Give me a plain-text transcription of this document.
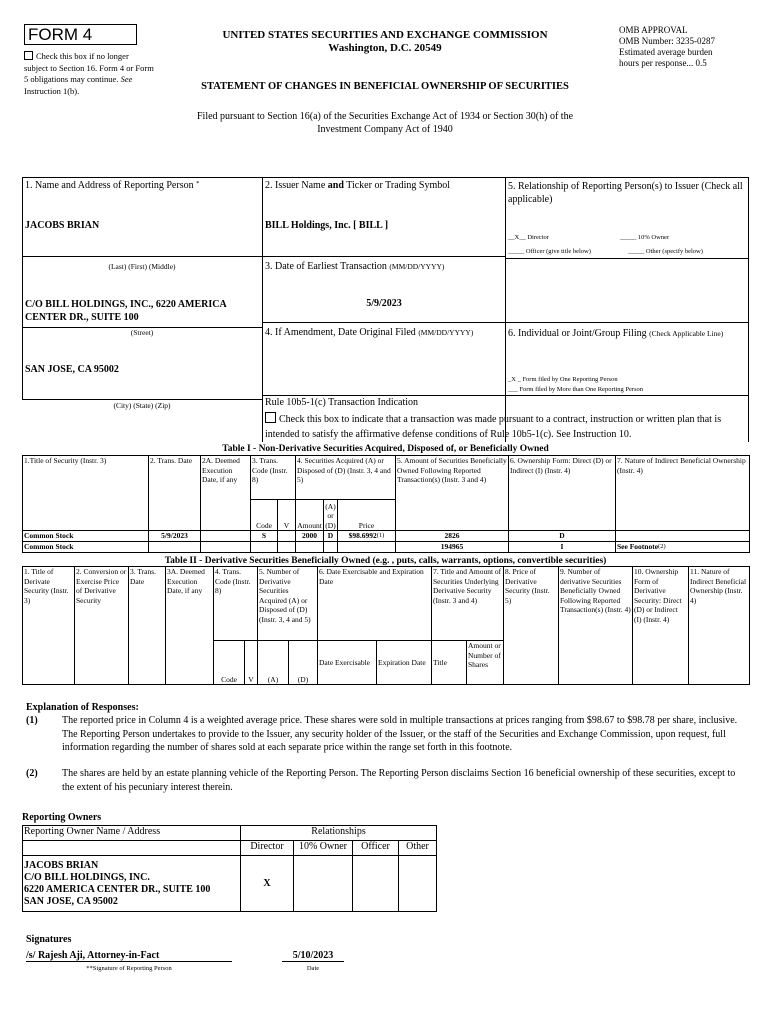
FORM 4
Check this box if no longer subject to Section 16. Form 4 or Form 5 obligations may continue. See Instruction 1(b).
UNITED STATES SECURITIES AND EXCHANGE COMMISSION
Washington, D.C. 20549
STATEMENT OF CHANGES IN BENEFICIAL OWNERSHIP OF SECURITIES
OMB APPROVAL
OMB Number: 3235-0287
Estimated average burden
hours per response... 0.5
Filed pursuant to Section 16(a) of the Securities Exchange Act of 1934 or Section 30(h) of the
Investment Company Act of 1940
1. Name and Address of Reporting Person *
JACOBS BRIAN
(Last) (First) (Middle)
C/O BILL HOLDINGS, INC., 6220 AMERICA CENTER DR., SUITE 100
(Street)
SAN JOSE, CA 95002
(City) (State) (Zip)
2. Issuer Name and Ticker or Trading Symbol
BILL Holdings, Inc. [ BILL ]
3. Date of Earliest Transaction (MM/DD/YYYY)
5/9/2023
4. If Amendment, Date Original Filed (MM/DD/YYYY)
5. Relationship of Reporting Person(s) to Issuer (Check all applicable)
__X__ Director	_____ 10% Owner
_____ Officer (give title below)	_____ Other (specify below)
6. Individual or Joint/Group Filing (Check Applicable Line)
_X _ Form filed by One Reporting Person
___ Form filed by More than One Reporting Person
Rule 10b5-1(c) Transaction Indication
Check this box to indicate that a transaction was made pursuant to a contract, instruction or written plan that is intended to satisfy the affirmative defense conditions of Rule 10b5-1(c). See Instruction 10.
Table I - Non-Derivative Securities Acquired, Disposed of, or Beneficially Owned
1.Title of Security (Instr. 3)	2. Trans. Date	2A. Deemed Execution Date, if any	3. Trans. Code (Instr. 8)		4. Securities Acquired (A) or Disposed of (D) (Instr. 3, 4 and 5)			5. Amount of Securities Beneficially Owned Following Reported Transaction(s) (Instr. 3 and 4)	6. Ownership Form: Direct (D) or Indirect (I) (Instr. 4)	7. Nature of Indirect Beneficial Ownership (Instr. 4)
			Code	V	Amount	(A) or (D)	Price			
Common Stock	5/9/2023		S		2000	D	$98.6992(1)	2826	D	
Common Stock								194965	I	See Footnote(2)
Table II - Derivative Securities Beneficially Owned (e.g. , puts, calls, warrants, options, convertible securities)
1. Title of Derivate Security (Instr. 3)	2. Conversion or Exercise Price of Derivative Security	3. Trans. Date	3A. Deemed Execution Date, if any	4. Trans. Code (Instr. 8)		5. Number of Derivative Securities Acquired (A) or Disposed of (D) (Instr. 3, 4 and 5)		6. Date Exercisable and Expiration Date		7. Title and Amount of Securities Underlying Derivative Security (Instr. 3 and 4)		8. Price of Derivative Security (Instr. 5)	9. Number of derivative Securities Beneficially Owned Following Reported Transaction(s) (Instr. 4)	10. Ownership Form of Derivative Security: Direct (D) or Indirect (I) (Instr. 4)	11. Nature of Indirect Beneficial Ownership (Instr. 4)
				Code	V	(A)	(D)	Date Exercisable	Expiration Date	Title	Amount or Number of Shares				
Explanation of Responses:
(1) The reported price in Column 4 is a weighted average price. These shares were sold in multiple transactions at prices ranging from $98.67 to $98.78 per share, inclusive. The Reporting Person undertakes to provide to the Issuer, any security holder of the Issuer, or the staff of the Securities and Exchange Commission, upon request, full information regarding the number of shares sold at each separate price within the range set forth in this footnote.
(2) The shares are held by an estate planning vehicle of the Reporting Person. The Reporting Person disclaims Section 16 beneficial ownership of these securities, except to the extent of his pecuniary interest therein.
Reporting Owners
Reporting Owner Name / Address	Relationships			
	Director	10% Owner	Officer	Other

JACOBS BRIAN
C/O BILL HOLDINGS, INC.
6220 AMERICA CENTER DR., SUITE 100
SAN JOSE, CA 95002	X			
Signatures
/s/ Rajesh Aji, Attorney-in-Fact	5/10/2023
**Signature of Reporting Person	Date
